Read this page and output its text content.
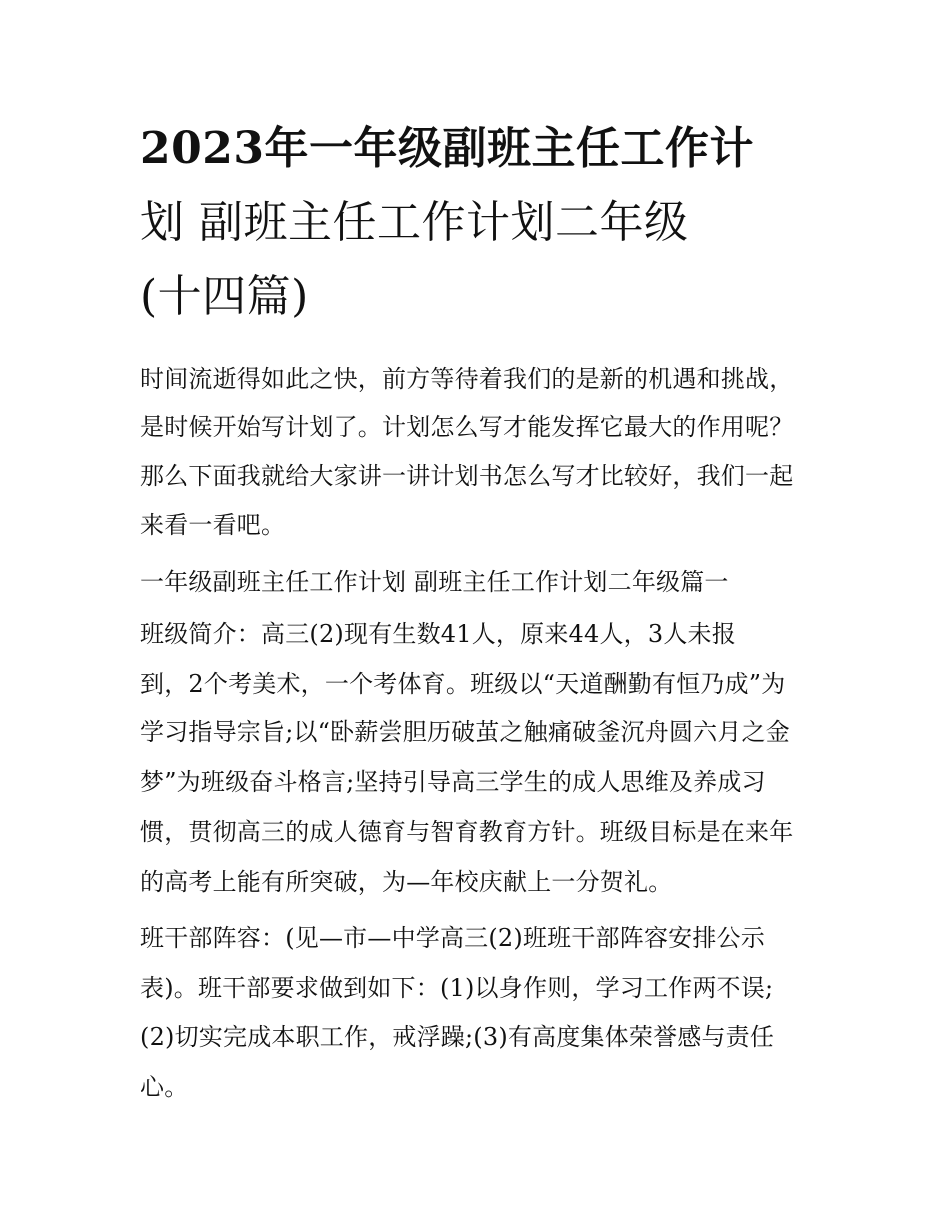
2023年一年级副班主任工作计
划 副班主任工作计划二年级
(十四篇)
时间流逝得如此之快，前方等待着我们的是新的机遇和挑战，
是时候开始写计划了。计划怎么写才能发挥它最大的作用呢？
那么下面我就给大家讲一讲计划书怎么写才比较好，我们一起
来看一看吧。
一年级副班主任工作计划 副班主任工作计划二年级篇一
班级简介：高三(2)现有生数41人，原来44人，3人未报
到，2个考美术，一个考体育。班级以“天道酬勤有恒乃成”为
学习指导宗旨;以“卧薪尝胆历破茧之触痛破釜沉舟圆六月之金
梦”为班级奋斗格言;坚持引导高三学生的成人思维及养成习
惯，贯彻高三的成人德育与智育教育方针。班级目标是在来年
的高考上能有所突破，为—年校庆献上一分贺礼。
班干部阵容：(见—市—中学高三(2)班班干部阵容安排公示
表)。班干部要求做到如下：(1)以身作则，学习工作两不误;
(2)切实完成本职工作，戒浮躁;(3)有高度集体荣誉感与责任
心。
